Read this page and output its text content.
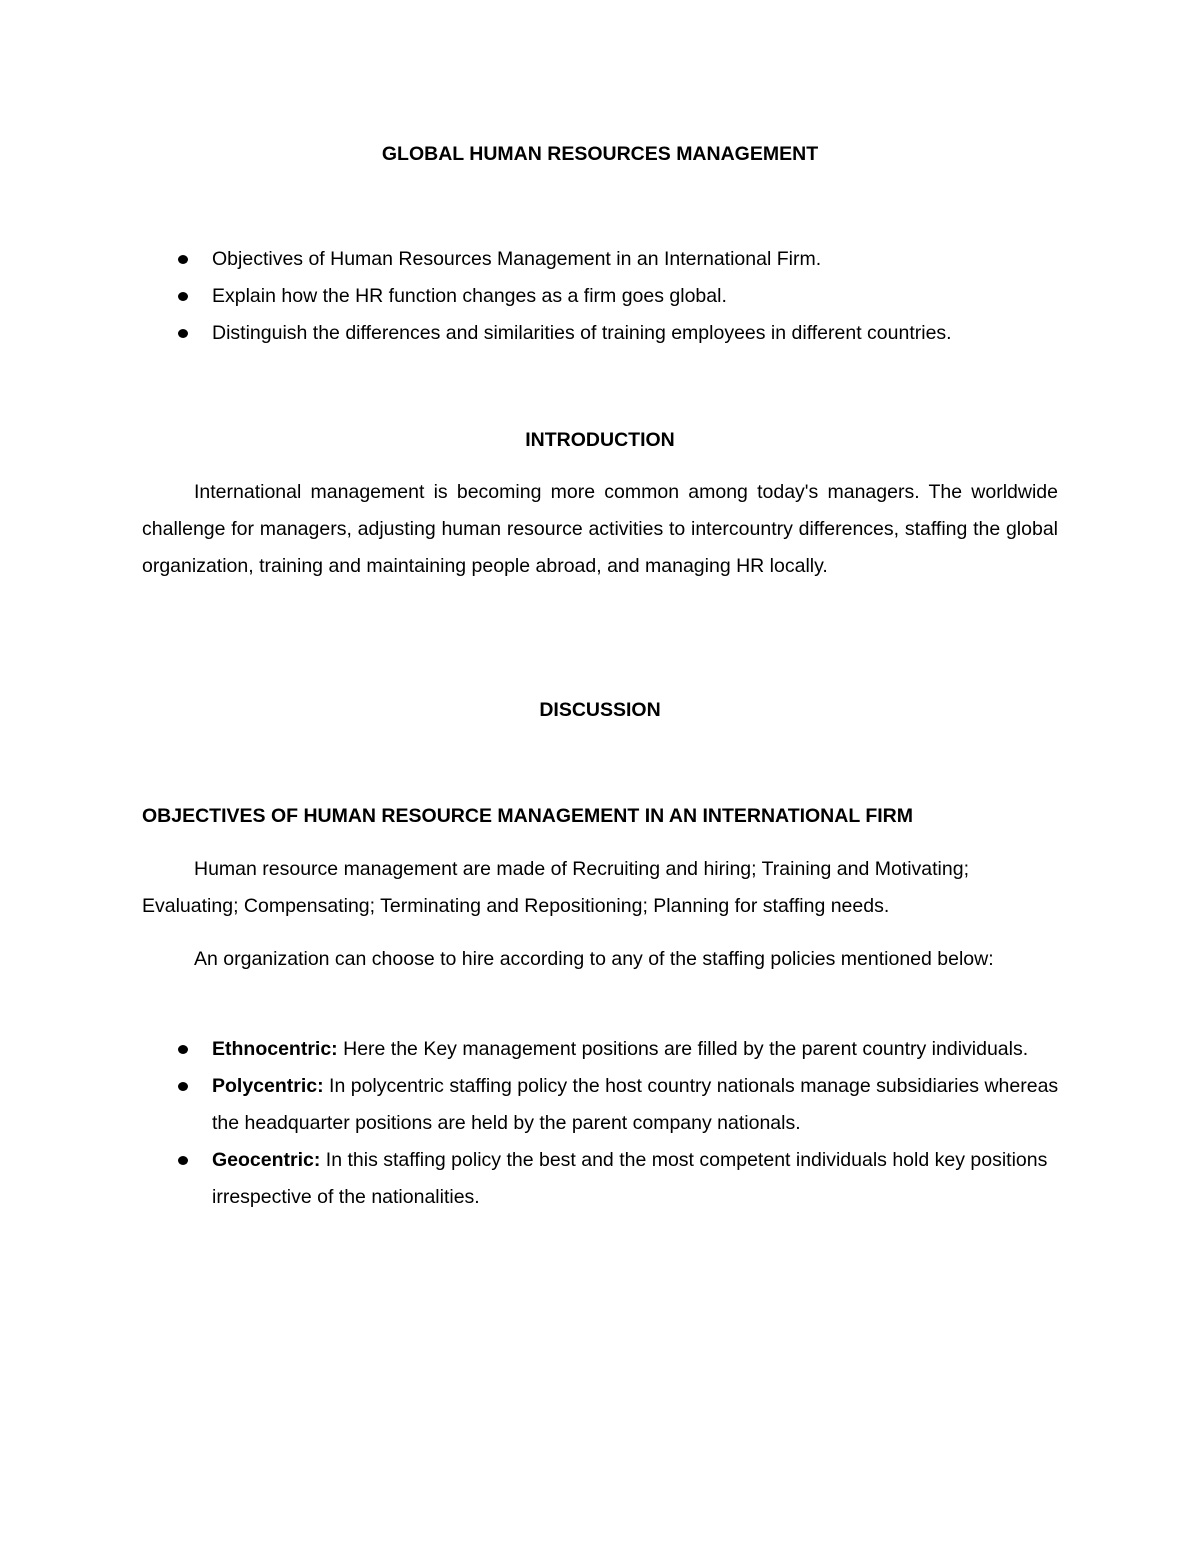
GLOBAL HUMAN RESOURCES MANAGEMENT
Objectives of Human Resources Management in an International Firm.
Explain how the HR function changes as a firm goes global.
Distinguish the differences and similarities of training employees in different countries.
INTRODUCTION

International management is becoming more common among today's managers. The worldwide challenge for managers, adjusting human resource activities to intercountry differences, staffing the global organization, training and maintaining people abroad, and managing HR locally.

DISCUSSION
OBJECTIVES OF HUMAN RESOURCE MANAGEMENT IN AN INTERNATIONAL FIRM

Human resource management are made of Recruiting and hiring; Training and Motivating; Evaluating; Compensating; Terminating and Repositioning; Planning for staffing needs.

An organization can choose to hire according to any of the staffing policies mentioned below:

Ethnocentric: Here the Key management positions are filled by the parent country individuals.
Polycentric: In polycentric staffing policy the host country nationals manage subsidiaries whereas the headquarter positions are held by the parent company nationals.
Geocentric: In this staffing policy the best and the most competent individuals hold key positions irrespective of the nationalities.
